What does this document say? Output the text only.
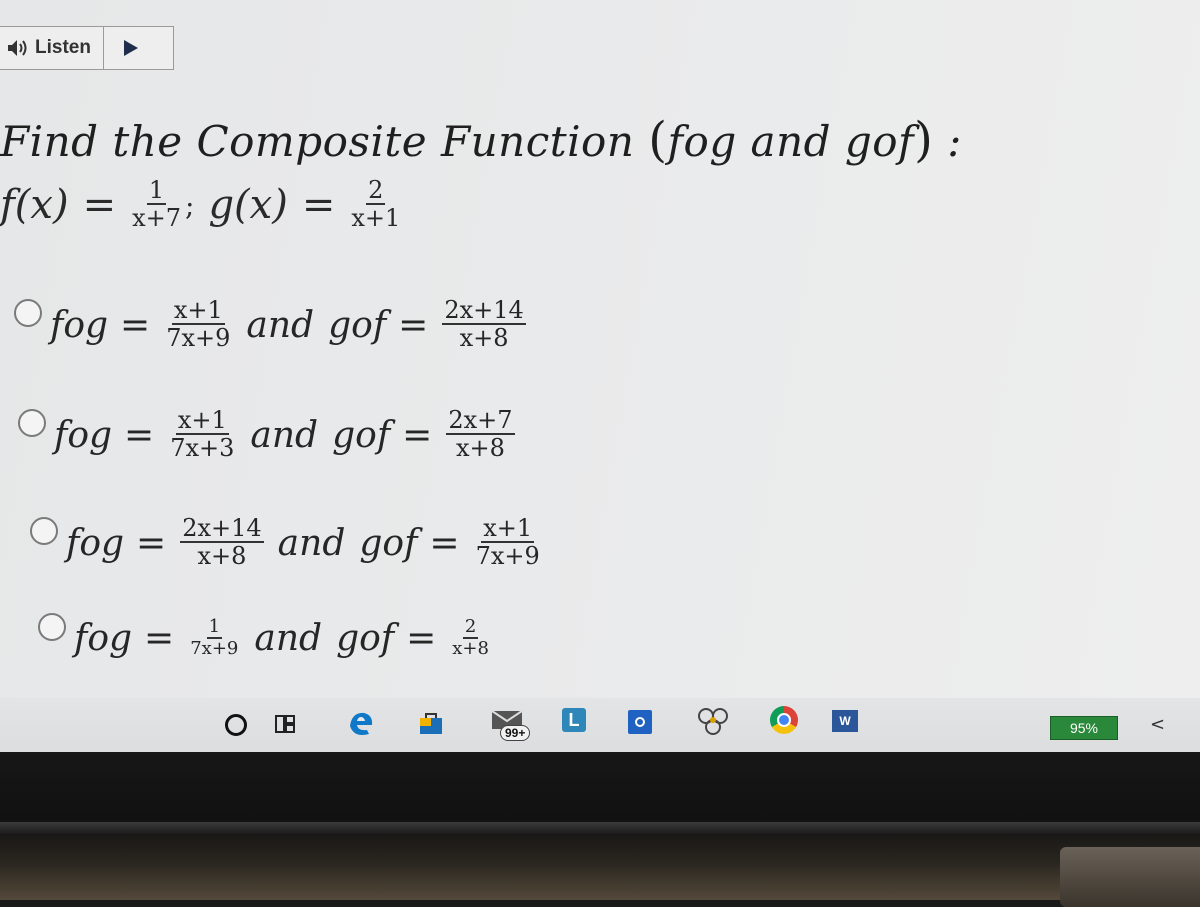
Listen
Find the Composite Function (fog and gof) :
$f(x) = \frac{1}{x+7}$ ; $g(x) = \frac{2}{x+1}$
fog = $\frac{x+1}{7x+9}$ and gof = $\frac{2x+14}{x+8}$
fog = $\frac{x+1}{7x+3}$ and gof = $\frac{2x+7}{x+8}$
fog = $\frac{2x+14}{x+8}$ and gof = $\frac{x+1}{7x+9}$
fog = $\frac{1}{7x+9}$ and gof = $\frac{2}{x+8}$
99+
L	W	95%	<
